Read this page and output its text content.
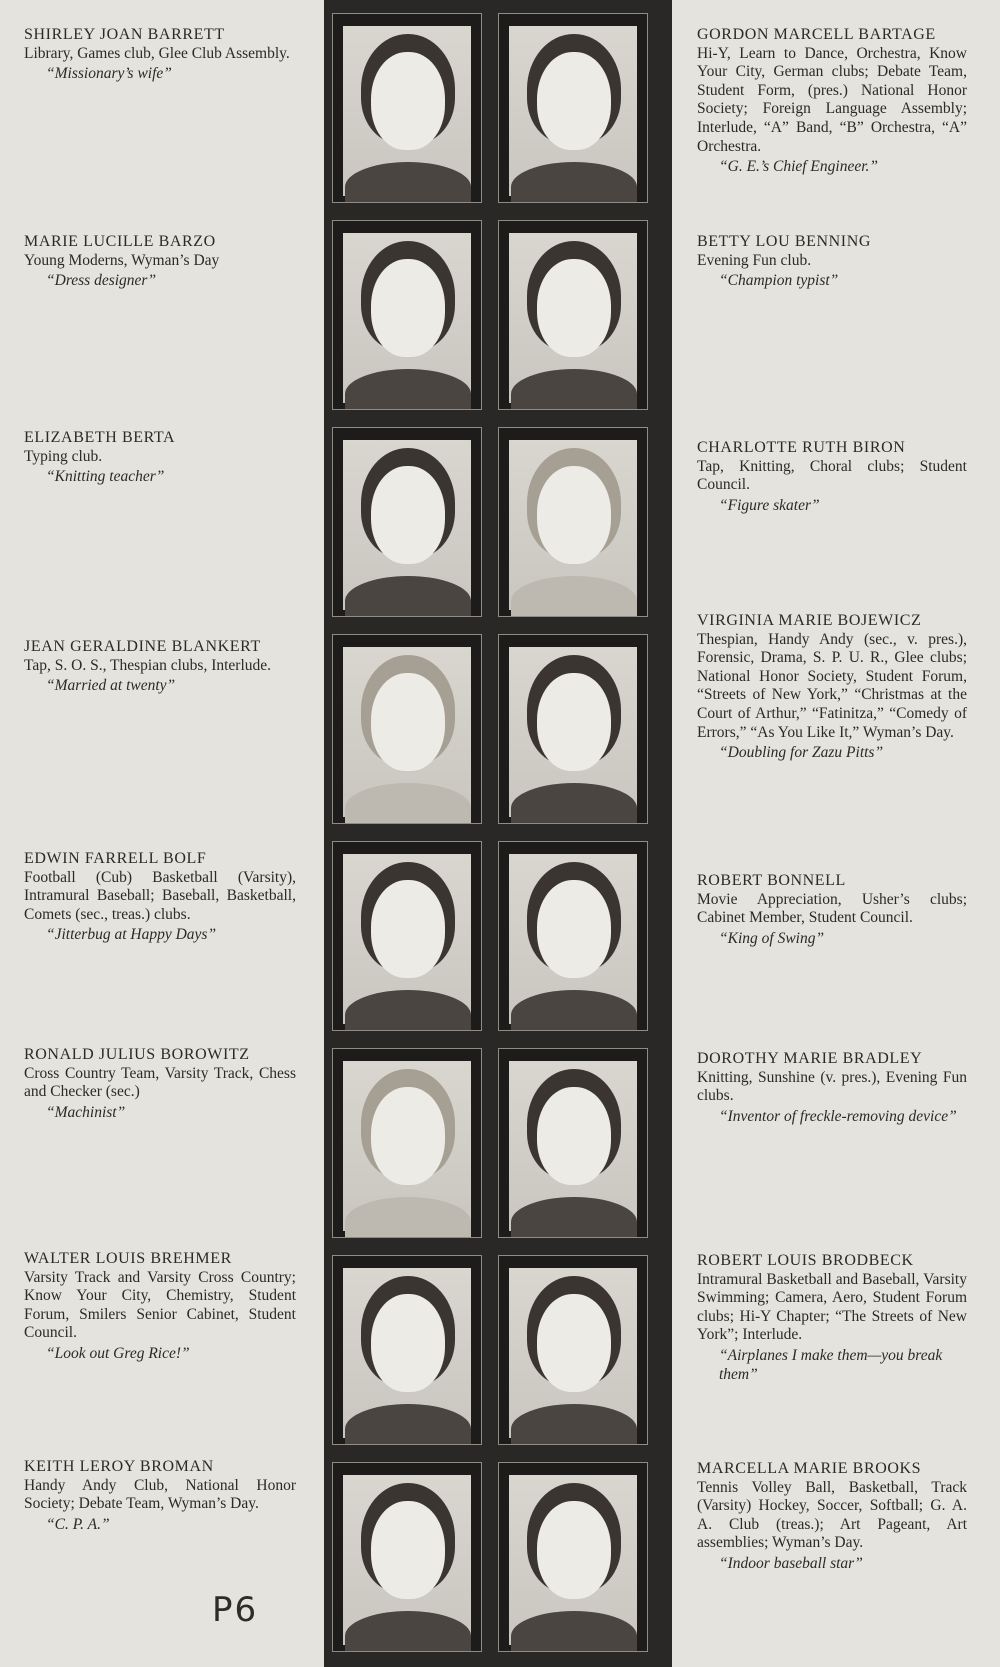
SHIRLEY JOAN BARRETT
Library, Games club, Glee Club Assembly.
“Missionary’s wife”
MARIE LUCILLE BARZO
Young Moderns, Wyman’s Day
“Dress designer”
ELIZABETH BERTA
Typing club.
“Knitting teacher”
JEAN GERALDINE BLANKERT
Tap, S. O. S., Thespian clubs, Interlude.
“Married at twenty”
EDWIN FARRELL BOLF
Football (Cub) Basketball (Varsity), Intramural Baseball; Baseball, Basketball, Comets (sec., treas.) clubs.
“Jitterbug at Happy Days”
RONALD JULIUS BOROWITZ
Cross Country Team, Varsity Track, Chess and Checker (sec.)
“Machinist”
WALTER LOUIS BREHMER
Varsity Track and Varsity Cross Country; Know Your City, Chemistry, Student Forum, Smilers Senior Cabinet, Student Council.
“Look out Greg Rice!”
KEITH LEROY BROMAN
Handy Andy Club, National Honor Society; Debate Team, Wyman’s Day.
“C. P. A.”
GORDON MARCELL BARTAGE
Hi-Y, Learn to Dance, Orchestra, Know Your City, German clubs; Debate Team, Student Form, (pres.) National Honor Society; Foreign Language Assembly; Interlude, “A” Band, “B” Orchestra, “A” Orchestra.
“G. E.’s Chief Engineer.”
BETTY LOU BENNING
Evening Fun club.
“Champion typist”
CHARLOTTE RUTH BIRON
Tap, Knitting, Choral clubs; Student Council.
“Figure skater”
VIRGINIA MARIE BOJEWICZ
Thespian, Handy Andy (sec., v. pres.), Forensic, Drama, S. P. U. R., Glee clubs; National Honor Society, Student Forum, “Streets of New York,” “Christmas at the Court of Arthur,” “Fatinitza,” “Comedy of Errors,” “As You Like It,” Wyman’s Day.
“Doubling for Zazu Pitts”
ROBERT BONNELL
Movie Appreciation, Usher’s clubs; Cabinet Member, Student Council.
“King of Swing”
DOROTHY MARIE BRADLEY
Knitting, Sunshine (v. pres.), Evening Fun clubs.
“Inventor of freckle-removing device”
ROBERT LOUIS BRODBECK
Intramural Basketball and Baseball, Varsity Swimming; Camera, Aero, Student Forum clubs; Hi-Y Chapter; “The Streets of New York”; Interlude.
“Airplanes I make them—you break them”
MARCELLA MARIE BROOKS
Tennis Volley Ball, Basketball, Track (Varsity) Hockey, Soccer, Softball; G. A. A. Club (treas.); Art Pageant, Art assemblies; Wyman’s Day.
“Indoor baseball star”
P6
